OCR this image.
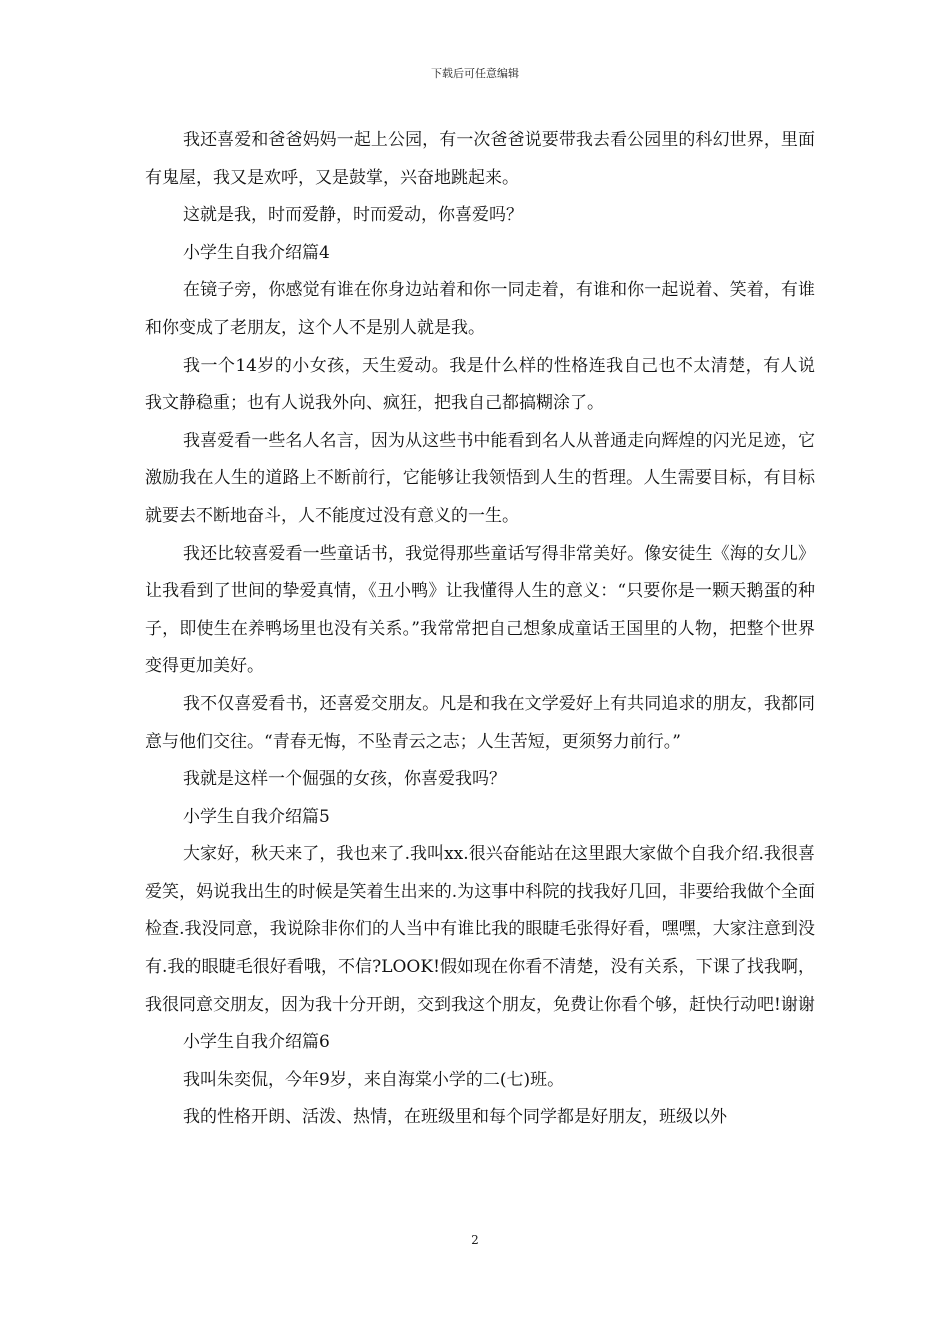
下载后可任意编辑

我还喜爱和爸爸妈妈一起上公园，有一次爸爸说要带我去看公园里的科幻世界，里面有鬼屋，我又是欢呼，又是鼓掌，兴奋地跳起来。

这就是我，时而爱静，时而爱动，你喜爱吗？

小学生自我介绍篇4

在镜子旁，你感觉有谁在你身边站着和你一同走着，有谁和你一起说着、笑着，有谁和你变成了老朋友，这个人不是别人就是我。

我一个14岁的小女孩，天生爱动。我是什么样的性格连我自己也不太清楚，有人说我文静稳重；也有人说我外向、疯狂，把我自己都搞糊涂了。

我喜爱看一些名人名言，因为从这些书中能看到名人从普通走向辉煌的闪光足迹，它激励我在人生的道路上不断前行，它能够让我领悟到人生的哲理。人生需要目标，有目标就要去不断地奋斗，人不能度过没有意义的一生。

我还比较喜爱看一些童话书，我觉得那些童话写得非常美好。像安徒生《海的女儿》让我看到了世间的挚爱真情，《丑小鸭》让我懂得人生的意义：“只要你是一颗天鹅蛋的种子，即使生在养鸭场里也没有关系。”我常常把自己想象成童话王国里的人物，把整个世界变得更加美好。

我不仅喜爱看书，还喜爱交朋友。凡是和我在文学爱好上有共同追求的朋友，我都同意与他们交往。“青春无悔，不坠青云之志；人生苦短，更须努力前行。”

我就是这样一个倔强的女孩，你喜爱我吗？

小学生自我介绍篇5

大家好，秋天来了，我也来了.我叫xx.很兴奋能站在这里跟大家做个自我介绍.我很喜爱笑，妈说我出生的时候是笑着生出来的.为这事中科院的找我好几回，非要给我做个全面检查.我没同意，我说除非你们的人当中有谁比我的眼睫毛张得好看，嘿嘿，大家注意到没有.我的眼睫毛很好看哦，不信?LOOK!假如现在你看不清楚，没有关系，下课了找我啊，我很同意交朋友，因为我十分开朗，交到我这个朋友，免费让你看个够，赶快行动吧!谢谢

小学生自我介绍篇6

我叫朱奕侃，今年9岁，来自海棠小学的二(七)班。

我的性格开朗、活泼、热情，在班级里和每个同学都是好朋友，班级以外

2
